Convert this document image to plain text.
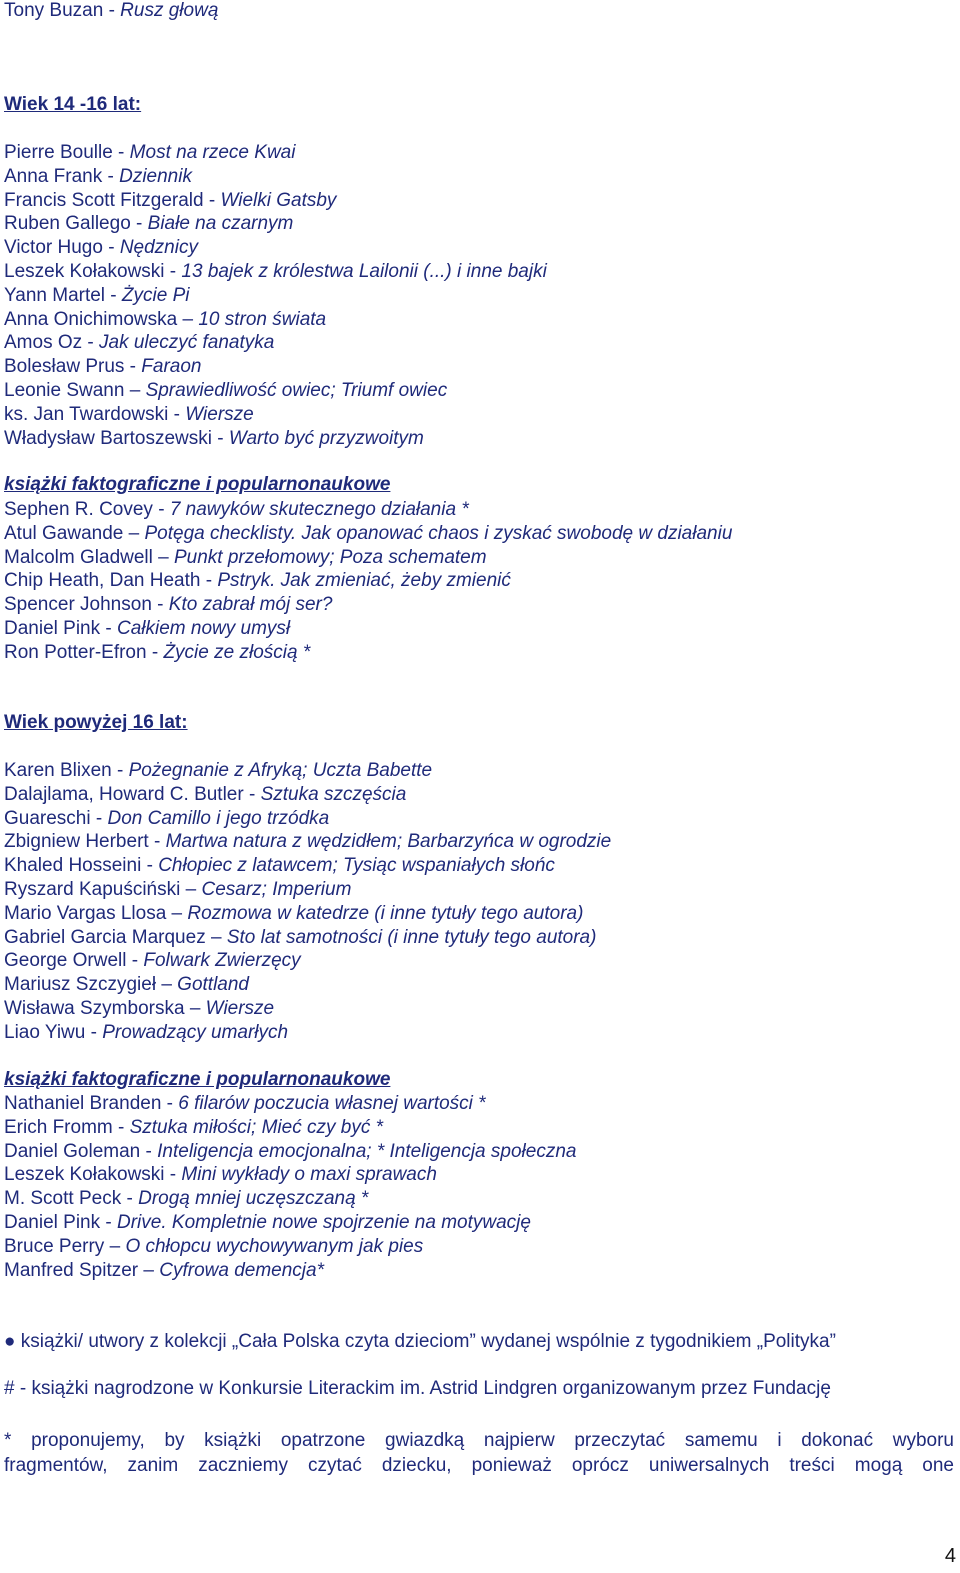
Tony Buzan - Rusz głową
Wiek 14 -16 lat:
Pierre Boulle - Most na rzece Kwai
Anna Frank - Dziennik
Francis Scott Fitzgerald - Wielki Gatsby
Ruben Gallego - Białe na czarnym
Victor Hugo - Nędznicy
Leszek Kołakowski - 13 bajek z królestwa Lailonii (...) i inne bajki
Yann Martel - Życie Pi
Anna Onichimowska – 10 stron świata
Amos Oz - Jak uleczyć fanatyka
Bolesław Prus - Faraon
Leonie Swann – Sprawiedliwość owiec; Triumf owiec
ks. Jan Twardowski - Wiersze
Władysław Bartoszewski - Warto być przyzwoitym
książki faktograficzne i popularnonaukowe
Sephen R. Covey - 7 nawyków skutecznego działania *
Atul Gawande – Potęga checklisty. Jak opanować chaos i zyskać swobodę w działaniu
Malcolm Gladwell – Punkt przełomowy; Poza schematem
Chip Heath, Dan Heath - Pstryk. Jak zmieniać, żeby zmienić
Spencer Johnson - Kto zabrał mój ser?
Daniel Pink - Całkiem nowy umysł
Ron Potter-Efron - Życie ze złością *
Wiek powyżej 16 lat:
Karen Blixen - Pożegnanie z Afryką; Uczta Babette
Dalajlama, Howard C. Butler - Sztuka szczęścia
Guareschi - Don Camillo i jego trzódka
Zbigniew Herbert - Martwa natura z wędzidłem; Barbarzyńca w ogrodzie
Khaled Hosseini - Chłopiec z latawcem; Tysiąc wspaniałych słońc
Ryszard Kapuściński – Cesarz; Imperium
Mario Vargas Llosa – Rozmowa w katedrze (i inne tytuły tego autora)
Gabriel Garcia Marquez – Sto lat samotności (i inne tytuły tego autora)
George Orwell - Folwark Zwierzęcy
Mariusz Szczygieł – Gottland
Wisława Szymborska – Wiersze
Liao Yiwu - Prowadzący umarłych
książki faktograficzne i popularnonaukowe
Nathaniel Branden - 6 filarów poczucia własnej wartości *
Erich Fromm - Sztuka miłości; Mieć czy być *
Daniel Goleman - Inteligencja emocjonalna; * Inteligencja społeczna
Leszek Kołakowski - Mini wykłady o maxi sprawach
M. Scott Peck - Drogą mniej uczęszczaną *
Daniel Pink - Drive. Kompletnie nowe spojrzenie na motywację
Bruce Perry – O chłopcu wychowywanym jak pies
Manfred Spitzer – Cyfrowa demencja*
● książki/ utwory z kolekcji „Cała Polska czyta dzieciom” wydanej wspólnie z tygodnikiem „Polityka”
# - książki nagrodzone w Konkursie Literackim im. Astrid Lindgren organizowanym przez Fundację
* proponujemy, by książki opatrzone gwiazdką najpierw przeczytać samemu i dokonać wyboru
fragmentów, zanim zaczniemy czytać dziecku, ponieważ oprócz uniwersalnych treści mogą one
4
